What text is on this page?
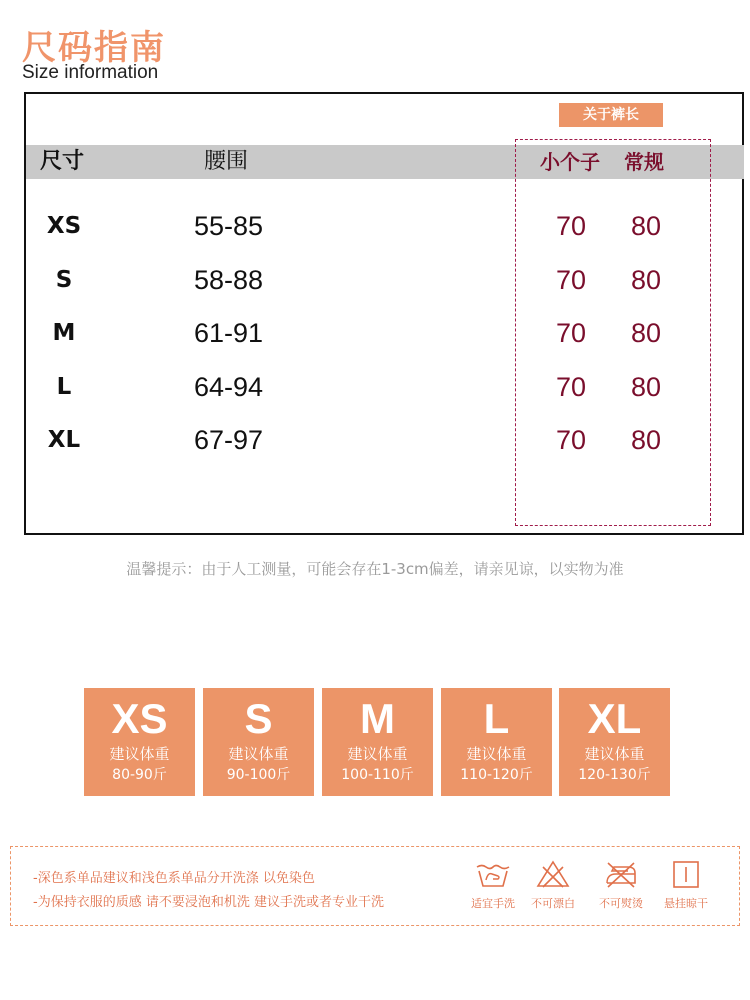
尺码指南
Size information
关于裤长
尺寸	腰围	小个子 常规
XS	55-85	70 80
S	58-88	70 80
M	61-91	70 80
L	64-94	70 80
XL	67-97	70 80
温馨提示：由于人工测量，可能会存在1-3cm偏差，请亲见谅，以实物为准
XS
建议体重
80-90斤
S
建议体重
90-100斤
M
建议体重
100-110斤
L
建议体重
110-120斤
XL
建议体重
120-130斤
-深色系单品建议和浅色系单品分开洗涤 以免染色
-为保持衣服的质感 请不要浸泡和机洗 建议手洗或者专业干洗	适宜手洗	不可漂白	不可熨烫	悬挂晾干
